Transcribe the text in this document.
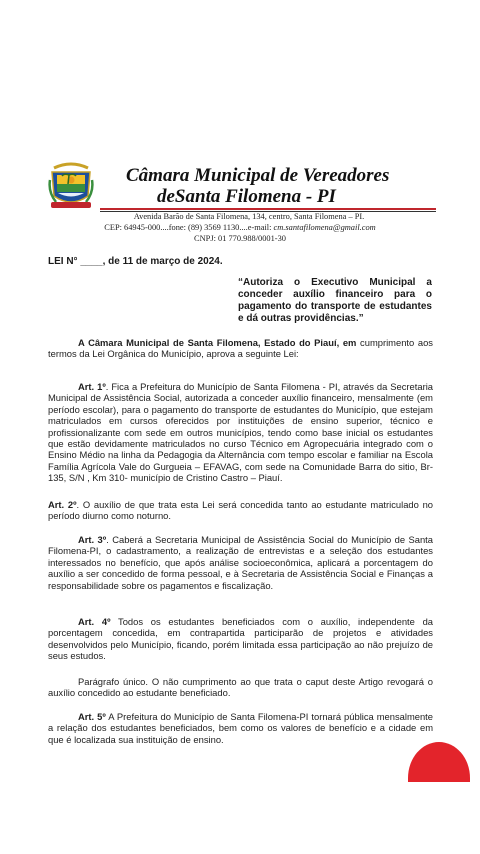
Câmara Municipal de Vereadores
deSanta Filomena - PI
Avenida Barão de Santa Filomena, 134, centro, Santa Filomena – PI.
CEP: 64945-000....fone: (89) 3569 1130....e-mail: cm.santafilomena@gmail.com
CNPJ: 01 770.988/0001-30
LEI N° ____, de 11 de março de 2024.
“Autoriza o Executivo Municipal a conceder auxílio financeiro para o pagamento do transporte de estudantes e dá outras providências.”
A Câmara Municipal de Santa Filomena, Estado do Piauí, em cumprimento aos termos da Lei Orgânica do Município, aprova a seguinte Lei:
Art. 1º. Fica a Prefeitura do Município de Santa Filomena - PI, através da Secretaria Municipal de Assistência Social, autorizada a conceder auxílio financeiro, mensalmente (em período escolar), para o pagamento do transporte de estudantes do Município, que estejam matriculados em cursos oferecidos por instituições de ensino superior, técnico e profissionalizante com sede em outros municípios, tendo como base inicial os estudantes que estão devidamente matriculados no curso Técnico em Agropecuária integrado com o Ensino Médio na linha da Pedagogia da Alternância com tempo escolar e familiar na Escola Família Agrícola Vale do Gurgueia – EFAVAG, com sede na Comunidade Barra do sitio, Br-135, S/N , Km 310- município de Cristino Castro – Piauí.
Art. 2º. O auxílio de que trata esta Lei será concedida tanto ao estudante matriculado no período diurno como noturno.
Art. 3º. Caberá a Secretaria Municipal de Assistência Social do Município de Santa Filomena-PI, o cadastramento, a realização de entrevistas e a seleção dos estudantes interessados no benefício, que após análise socioeconômica, aplicará a porcentagem do auxílio a ser concedido de forma pessoal, e à Secretaria de Assistência Social e Finanças a responsabilidade sobre os pagamentos e fiscalização.
Art. 4º Todos os estudantes beneficiados com o auxílio, independente da porcentagem concedida, em contrapartida participarão de projetos e atividades desenvolvidos pelo Município, ficando, porém limitada essa participação ao não prejuízo de seus estudos.
Parágrafo único. O não cumprimento ao que trata o caput deste Artigo revogará o auxílio concedido ao estudante beneficiado.
Art. 5º A Prefeitura do Município de Santa Filomena-PI tornará pública mensalmente a relação dos estudantes beneficiados, bem como os valores de benefício e a cidade em que é localizada sua instituição de ensino.
